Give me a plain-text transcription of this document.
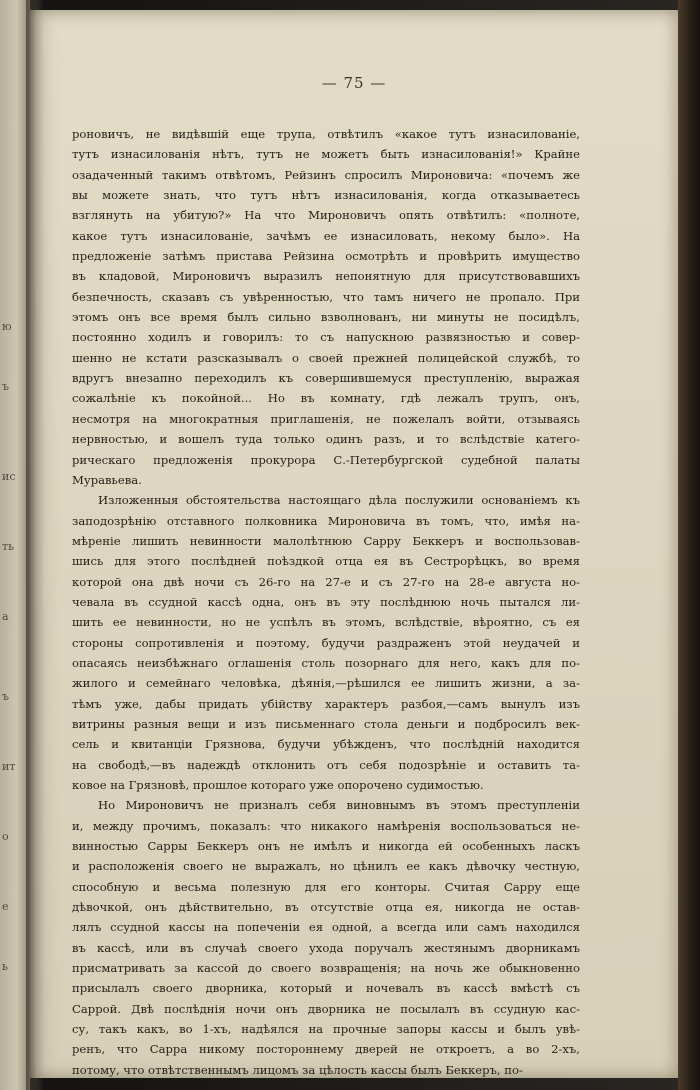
ю
ъ
ис
ть
а
ъ
ит
о
е
ь
— 75 —
роновичъ, не видѣвшій еще трупа, отвѣтилъ «какое тутъ изнасилованіе,
тутъ изнасилованія нѣтъ, тутъ не можетъ быть изнасилованія!» Крайне
озадаченный такимъ отвѣтомъ, Рейзинъ спросилъ Мироновича: «почемъ же
вы можете знать, что тутъ нѣтъ изнасилованія, когда отказываетесь
взглянуть на убитую?» На что Мироновичъ опять отвѣтилъ: «полноте,
какое тутъ изнасилованіе, зачѣмъ ее изнасиловать, некому было». На
предложеніе затѣмъ пристава Рейзина осмотрѣть и провѣрить имущество
въ кладовой, Мироновичъ выразилъ непонятную для присутствовавшихъ
безпечность, сказавъ съ увѣренностью, что тамъ ничего не пропало. При
этомъ онъ все время былъ сильно взволнованъ, ни минуты не посидѣлъ,
постоянно ходилъ и говорилъ: то съ напускною развязностью и совер-
шенно не кстати разсказывалъ о своей прежней полицейской службѣ, то
вдругъ внезапно переходилъ къ совершившемуся преступленію, выражая
сожалѣніе къ покойной... Но въ комнату, гдѣ лежалъ трупъ, онъ,
несмотря на многократныя приглашенія, не пожелалъ войти, отзываясь
нервностью, и вошелъ туда только одинъ разъ, и то вслѣдствіе катего-
рическаго предложенія прокурора С.-Петербургской судебной палаты
Муравьева.
Изложенныя обстоятельства настоящаго дѣла послужили основаніемъ къ
заподозрѣнію отставного полковника Мироновича въ томъ, что, имѣя на-
мѣреніе лишить невинности малолѣтнюю Сарру Беккеръ и воспользовав-
шись для этого послѣдней поѣздкой отца ея въ Сестрорѣцкъ, во время
которой она двѣ ночи съ 26-го на 27-е и съ 27-го на 28-е августа но-
чевала въ ссудной кассѣ одна, онъ въ эту послѣднюю ночь пытался ли-
шить ее невинности, но не успѣлъ въ этомъ, вслѣдствіе, вѣроятно, съ ея
стороны сопротивленія и поэтому, будучи раздраженъ этой неудачей и
опасаясь неизбѣжнаго оглашенія столь позорнаго для него, какъ для по-
жилого и семейнаго человѣка, дѣянія,—рѣшился ее лишить жизни, а за-
тѣмъ уже, дабы придать убійству характеръ разбоя,—самъ вынулъ изъ
витрины разныя вещи и изъ письменнаго стола деньги и подбросилъ век-
сель и квитанціи Грязнова, будучи убѣжденъ, что послѣдній находится
на свободѣ,—въ надеждѣ отклонить отъ себя подозрѣніе и оставить та-
ковое на Грязновѣ, прошлое котораго уже опорочено судимостью.
Но Мироновичъ не призналъ себя виновнымъ въ этомъ преступленіи
и, между прочимъ, показалъ: что никакого намѣренія воспользоваться не-
винностью Сарры Беккеръ онъ не имѣлъ и никогда ей особенныхъ ласкъ
и расположенія своего не выражалъ, но цѣнилъ ее какъ дѣвочку честную,
способную и весьма полезную для его конторы. Считая Сарру еще
дѣвочкой, онъ дѣйствительно, въ отсутствіе отца ея, никогда не остав-
лялъ ссудной кассы на попеченіи ея одной, а всегда или самъ находился
въ кассѣ, или въ случаѣ своего ухода поручалъ жестянымъ дворникамъ
присматривать за кассой до своего возвращенія; на ночь же обыкновенно
присылалъ своего дворника, который и ночевалъ въ кассѣ вмѣстѣ съ
Саррой. Двѣ послѣднія ночи онъ дворника не посылалъ въ ссудную кас-
су, такъ какъ, во 1-хъ, надѣялся на прочные запоры кассы и былъ увѣ-
ренъ, что Сарра никому постороннему дверей не откроетъ, а во 2-хъ,
потому, что отвѣтственнымъ лицомъ за цѣлость кассы былъ Беккеръ, по-
